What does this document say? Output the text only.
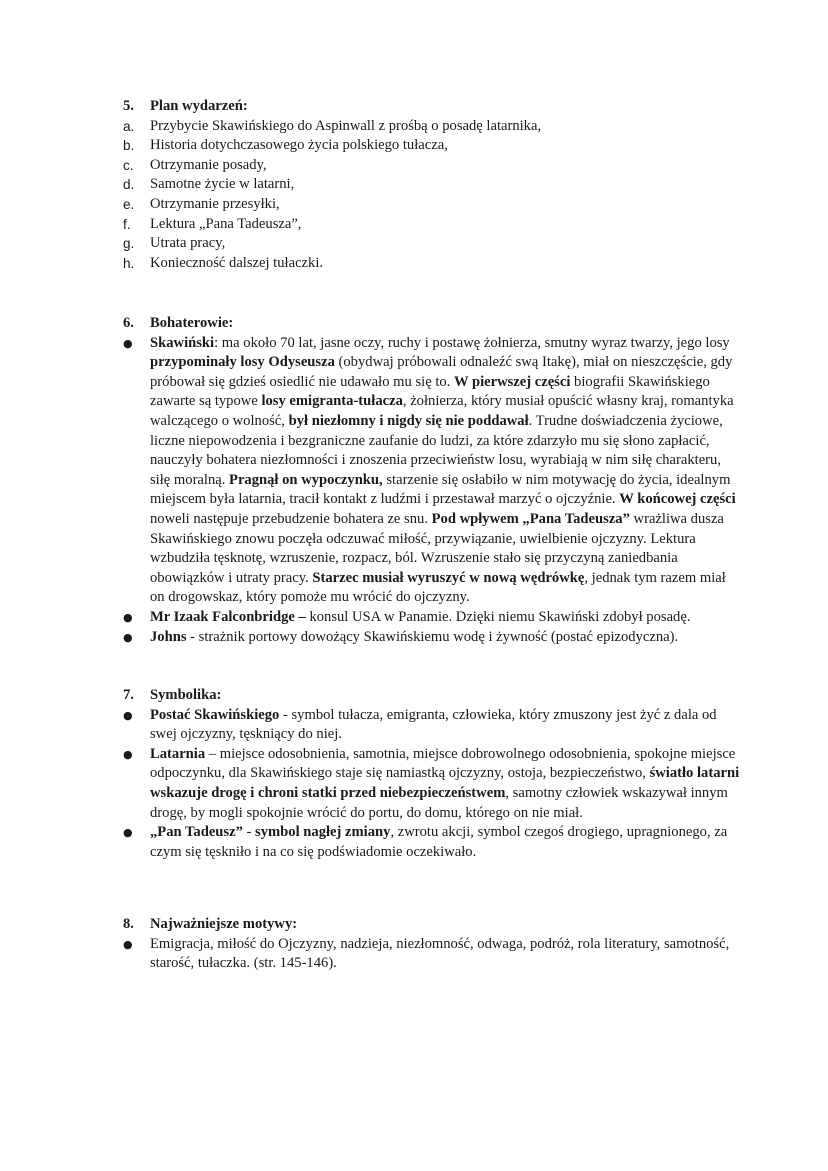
5.	Plan wydarzeń:
a.	Przybycie Skawińskiego do Aspinwall z prośbą o posadę latarnika,
b.	Historia dotychczasowego życia polskiego tułacza,
c.	Otrzymanie posady,
d.	Samotne życie w latarni,
e.	Otrzymanie przesyłki,
f.	Lektura „Pana Tadeusza”,
g.	Utrata pracy,
h.	Konieczność dalszej tułaczki.
6.	Bohaterowie:
●	Skawiński: ma około 70 lat, jasne oczy, ruchy i postawę żołnierza, smutny wyraz twarzy, jego losy przypominały losy Odyseusza (obydwaj próbowali odnaleźć swą Itakę), miał on nieszczęście, gdy próbował się gdzieś osiedlić nie udawało mu się to. W pierwszej części biografii Skawińskiego zawarte są typowe losy emigranta-tułacza, żołnierza, który musiał opuścić własny kraj, romantyka walczącego o wolność, był niezłomny i nigdy się nie poddawał. Trudne doświadczenia życiowe, liczne niepowodzenia i bezgraniczne zaufanie do ludzi, za które zdarzyło mu się słono zapłacić, nauczyły bohatera niezłomności i znoszenia przeciwieństw losu, wyrabiają w nim siłę charakteru, siłę moralną. Pragnął on wypoczynku, starzenie się osłabiło w nim motywację do życia, idealnym miejscem była latarnia, tracił kontakt z ludźmi i przestawał marzyć o ojczyźnie. W końcowej części noweli następuje przebudzenie bohatera ze snu. Pod wpływem „Pana Tadeusza” wrażliwa dusza Skawińskiego znowu poczęła odczuwać miłość, przywiązanie, uwielbienie ojczyzny. Lektura wzbudziła tęsknotę, wzruszenie, rozpacz, ból. Wzruszenie stało się przyczyną zaniedbania obowiązków i utraty pracy. Starzec musiał wyruszyć w nową wędrówkę, jednak tym razem miał on drogowskaz, który pomoże mu wrócić do ojczyzny.
●	Mr Izaak Falconbridge – konsul USA w Panamie. Dzięki niemu Skawiński zdobył posadę.
●	Johns - strażnik portowy dowożący Skawińskiemu wodę i żywność (postać epizodyczna).
7.	Symbolika:
●	Postać Skawińskiego - symbol tułacza, emigranta, człowieka, który zmuszony jest żyć z dala od swej ojczyzny, tęskniący do niej.
●	Latarnia – miejsce odosobnienia, samotnia, miejsce dobrowolnego odosobnienia, spokojne miejsce odpoczynku, dla Skawińskiego staje się namiastką ojczyzny, ostoja, bezpieczeństwo, światło latarni wskazuje drogę i chroni statki przed niebezpieczeństwem, samotny człowiek wskazywał innym drogę, by mogli spokojnie wrócić do portu, do domu, którego on nie miał.
●	„Pan Tadeusz” - symbol nagłej zmiany, zwrotu akcji, symbol czegoś drogiego, upragnionego, za czym się tęskniło i na co się podświadomie oczekiwało.
8.	Najważniejsze motywy:
●	Emigracja, miłość do Ojczyzny, nadzieja, niezłomność, odwaga, podróż, rola literatury, samotność, starość, tułaczka. (str. 145-146).
